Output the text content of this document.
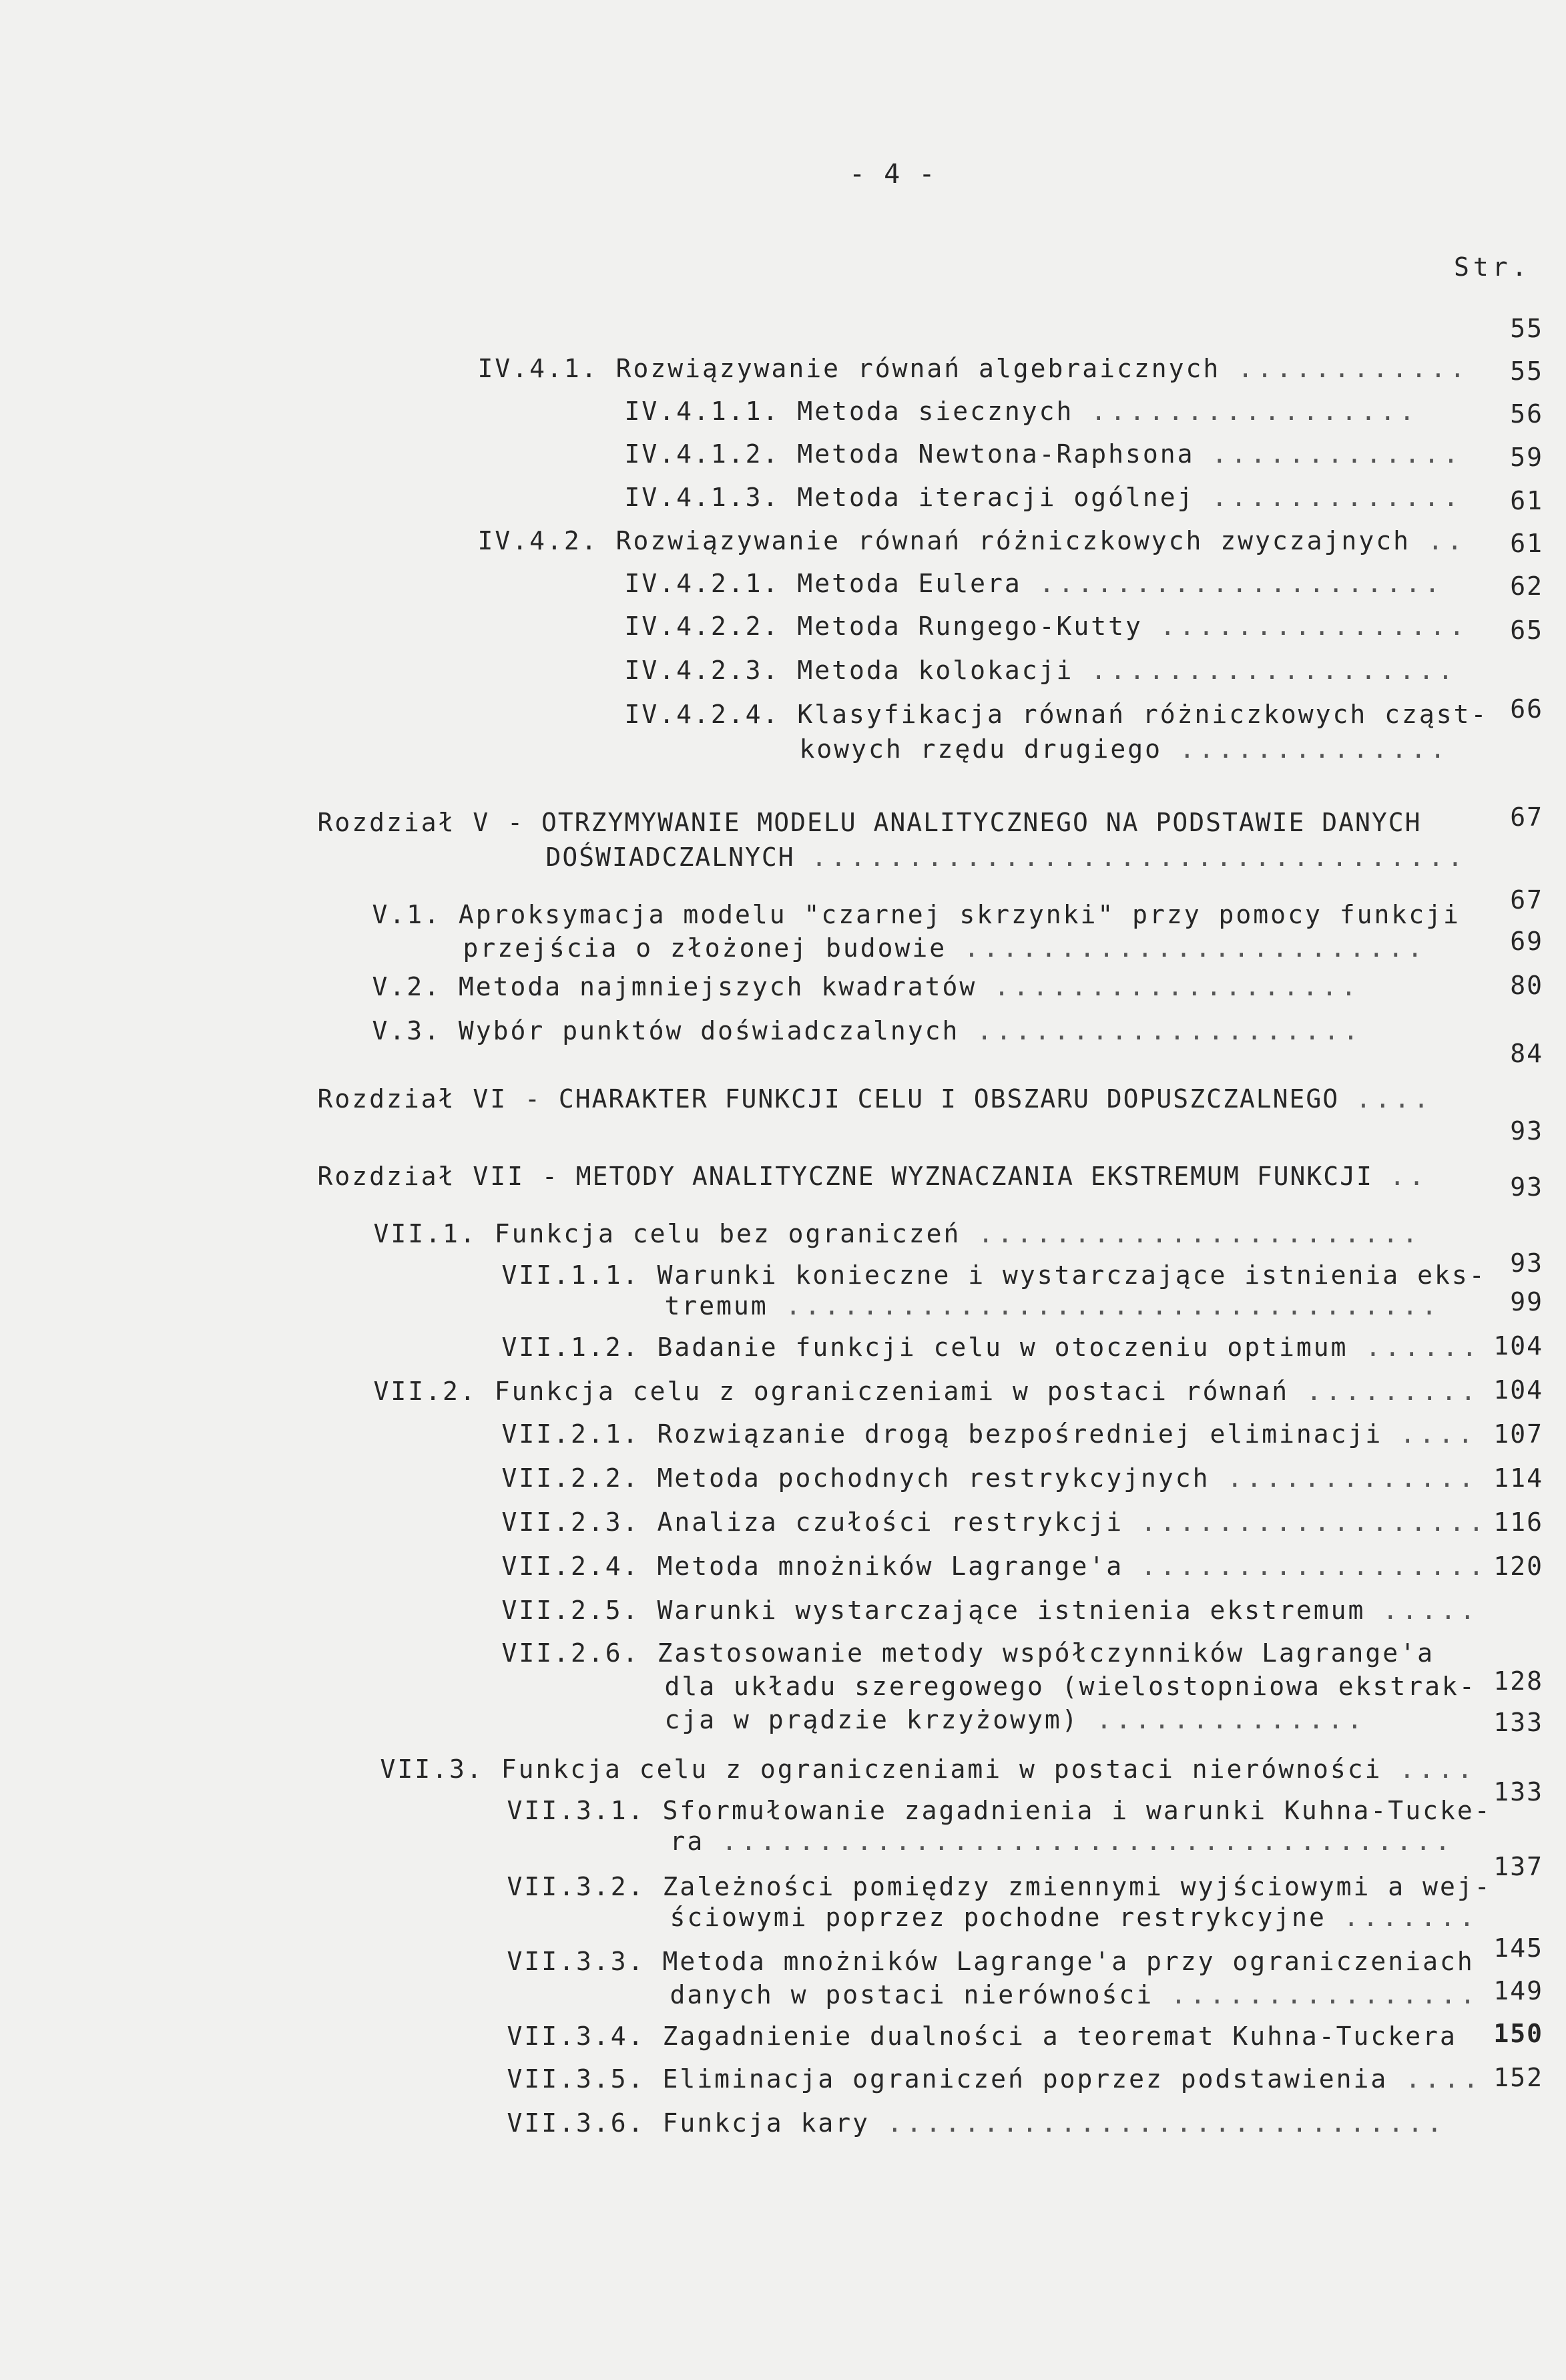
- 4 -
Str.

IV.4.1. Rozwiązywanie równań algebraicznych ............

55

IV.4.1.1. Metoda siecznych .................

55

IV.4.1.2. Metoda Newtona-Raphsona .............

56

IV.4.1.3. Metoda iteracji ogólnej .............

59

IV.4.2. Rozwiązywanie równań różniczkowych zwyczajnych ..

61

IV.4.2.1. Metoda Eulera .....................

61

IV.4.2.2. Metoda Rungego-Kutty ................

62

IV.4.2.3. Metoda kolokacji ...................

65

IV.4.2.4. Klasyfikacja równań różniczkowych cząst-

kowych rzędu drugiego ..............

66

Rozdział V - OTRZYMYWANIE MODELU ANALITYCZNEGO NA PODSTAWIE DANYCH

DOŚWIADCZALNYCH ..................................

67

V.1. Aproksymacja modelu "czarnej skrzynki" przy pomocy funkcji

przejścia o złożonej budowie ........................

67

V.2. Metoda najmniejszych kwadratów ...................

69

V.3. Wybór punktów doświadczalnych ....................

80

Rozdział VI - CHARAKTER FUNKCJI CELU I OBSZARU DOPUSZCZALNEGO ....

84

Rozdział VII - METODY ANALITYCZNE WYZNACZANIA EKSTREMUM FUNKCJI ..

93

VII.1. Funkcja celu bez ograniczeń .......................

93

VII.1.1. Warunki konieczne i wystarczające istnienia eks-

tremum ..................................

93

VII.1.2. Badanie funkcji celu w otoczeniu optimum ......

99

VII.2. Funkcja celu z ograniczeniami w postaci równań .........

104

VII.2.1. Rozwiązanie drogą bezpośredniej eliminacji ....

104

VII.2.2. Metoda pochodnych restrykcyjnych .............

107

VII.2.3. Analiza czułości restrykcji ..................

114

VII.2.4. Metoda mnożników Lagrange'a ..................

116

VII.2.5. Warunki wystarczające istnienia ekstremum .....

120

VII.2.6. Zastosowanie metody współczynników Lagrange'a

dla układu szeregowego (wielostopniowa ekstrak-

cja w prądzie krzyżowym) ..............

128

VII.3. Funkcja celu z ograniczeniami w postaci nierówności ....

133

VII.3.1. Sformułowanie zagadnienia i warunki Kuhna-Tucke-

ra ......................................

133

VII.3.2. Zależności pomiędzy zmiennymi wyjściowymi a wej-

ściowymi poprzez pochodne restrykcyjne .......

137

VII.3.3. Metoda mnożników Lagrange'a przy ograniczeniach

danych w postaci nierówności ................

145

VII.3.4. Zagadnienie dualności a teoremat Kuhna-Tuckera

149

VII.3.5. Eliminacja ograniczeń poprzez podstawienia ....

150

VII.3.6. Funkcja kary .............................

152
